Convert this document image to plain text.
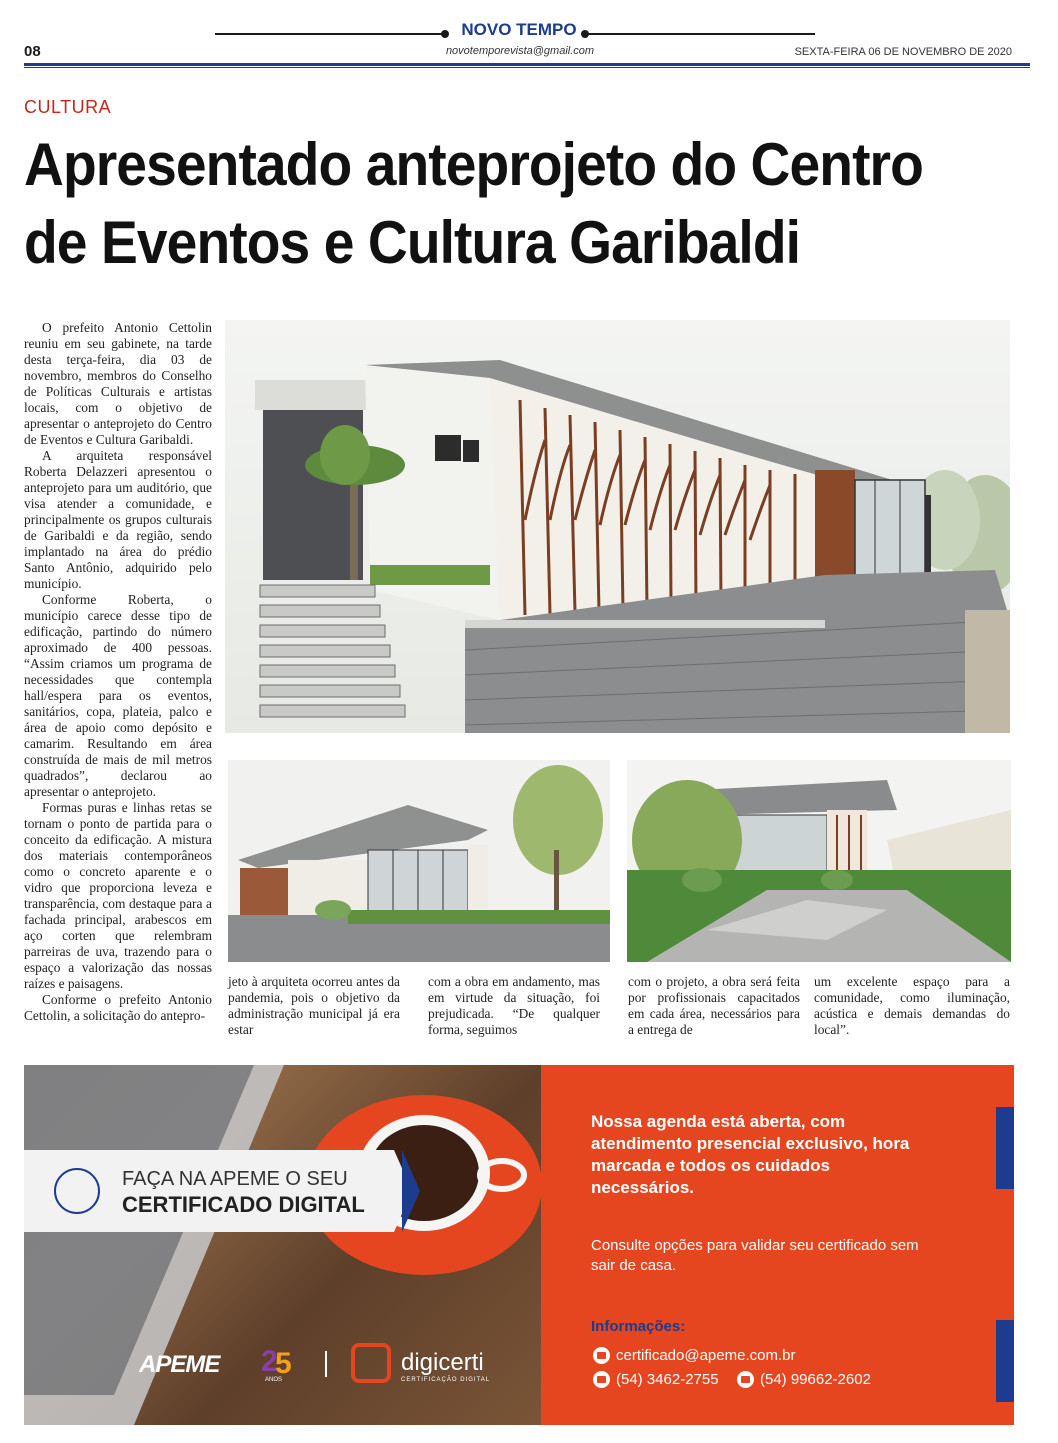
NOVO TEMPO
08	novotemporevista@gmail.com	SEXTA-FEIRA 06 DE NOVEMBRO DE 2020
CULTURA
Apresentado anteprojeto do Centro
de Eventos e Cultura Garibaldi

O prefeito Antonio Cettolin reuniu em seu gabinete, na tarde desta terça-feira, dia 03 de novembro, membros do Conselho de Políticas Culturais e artistas locais, com o objetivo de apresentar o anteprojeto do Centro de Eventos e Cultura Garibaldi.

A arquiteta responsável Roberta Delazzeri apresentou o anteprojeto para um auditório, que visa atender a comunidade, e principalmente os grupos culturais de Garibaldi e da região, sendo implantado na área do prédio Santo Antônio, adquirido pelo município.

Conforme Roberta, o município carece desse tipo de edificação, partindo do número aproximado de 400 pessoas. “Assim criamos um programa de necessidades que contempla hall/espera para os eventos, sanitários, copa, plateia, palco e área de apoio como depósito e camarim. Resultando em área construída de mais de mil metros quadrados”, declarou ao apresentar o anteprojeto.

Formas puras e linhas retas se tornam o ponto de partida para o conceito da edificação. A mistura dos materiais contemporâneos como o concreto aparente e o vidro que proporciona leveza e transparência, com destaque para a fachada principal, arabescos em aço corten que relembram parreiras de uva, trazendo para o espaço a valorização das nossas raízes e paisagens.

Conforme o prefeito Antonio Cettolin, a solicitação do antepro-

jeto à arquiteta ocorreu antes da pandemia, pois o objetivo da administração municipal já era estar

com a obra em andamento, mas em virtude da situação, foi prejudicada. “De qualquer forma, seguimos

com o projeto, a obra será feita por profissionais capacitados em cada área, necessários para a entrega de

um excelente espaço para a comunidade, como iluminação, acústica e demais demandas do local”.

FAÇA NA APEME O SEU
CERTIFICADO DIGITAL
APEME 2
5
ANOS
digicerti
CERTIFICAÇÃO DIGITAL
Nossa agenda está aberta, com atendimento presencial exclusivo, hora marcada e todos os cuidados necessários.
Consulte opções para validar seu certificado sem sair de casa.
Informações:
certificado@apeme.com.br
(54) 3462-2755	(54) 99662-2602
